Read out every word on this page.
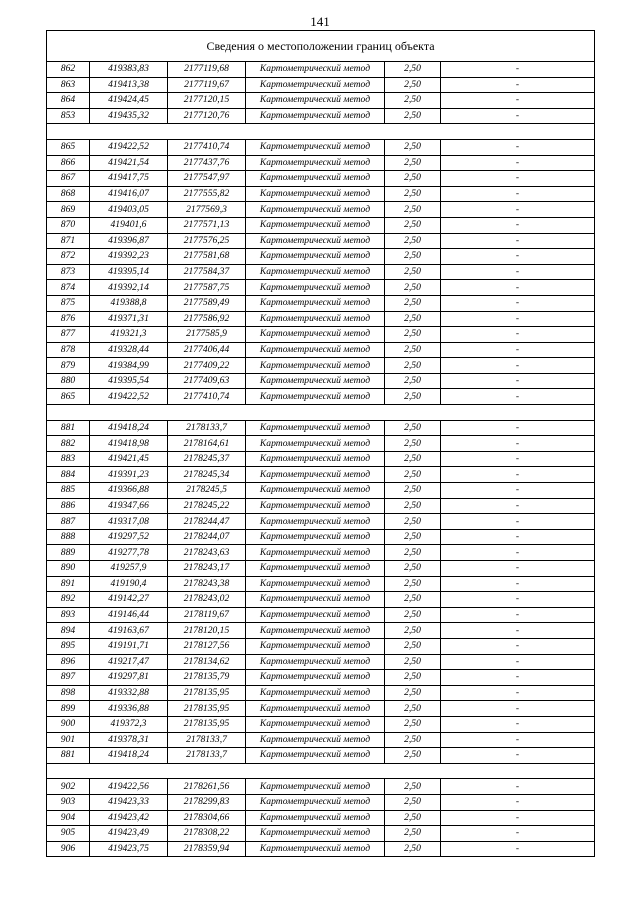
141
Сведения о местоположении границ объекта					
862	419383,83	2177119,68	Картометрический метод	2,50	-
863	419413,38	2177119,67	Картометрический метод	2,50	-
864	419424,45	2177120,15	Картометрический метод	2,50	-
853	419435,32	2177120,76	Картометрический метод	2,50	-

865	419422,52	2177410,74	Картометрический метод	2,50	-
866	419421,54	2177437,76	Картометрический метод	2,50	-
867	419417,75	2177547,97	Картометрический метод	2,50	-
868	419416,07	2177555,82	Картометрический метод	2,50	-
869	419403,05	2177569,3	Картометрический метод	2,50	-
870	419401,6	2177571,13	Картометрический метод	2,50	-
871	419396,87	2177576,25	Картометрический метод	2,50	-
872	419392,23	2177581,68	Картометрический метод	2,50	-
873	419395,14	2177584,37	Картометрический метод	2,50	-
874	419392,14	2177587,75	Картометрический метод	2,50	-
875	419388,8	2177589,49	Картометрический метод	2,50	-
876	419371,31	2177586,92	Картометрический метод	2,50	-
877	419321,3	2177585,9	Картометрический метод	2,50	-
878	419328,44	2177406,44	Картометрический метод	2,50	-
879	419384,99	2177409,22	Картометрический метод	2,50	-
880	419395,54	2177409,63	Картометрический метод	2,50	-
865	419422,52	2177410,74	Картометрический метод	2,50	-

881	419418,24	2178133,7	Картометрический метод	2,50	-
882	419418,98	2178164,61	Картометрический метод	2,50	-
883	419421,45	2178245,37	Картометрический метод	2,50	-
884	419391,23	2178245,34	Картометрический метод	2,50	-
885	419366,88	2178245,5	Картометрический метод	2,50	-
886	419347,66	2178245,22	Картометрический метод	2,50	-
887	419317,08	2178244,47	Картометрический метод	2,50	-
888	419297,52	2178244,07	Картометрический метод	2,50	-
889	419277,78	2178243,63	Картометрический метод	2,50	-
890	419257,9	2178243,17	Картометрический метод	2,50	-
891	419190,4	2178243,38	Картометрический метод	2,50	-
892	419142,27	2178243,02	Картометрический метод	2,50	-
893	419146,44	2178119,67	Картометрический метод	2,50	-
894	419163,67	2178120,15	Картометрический метод	2,50	-
895	419191,71	2178127,56	Картометрический метод	2,50	-
896	419217,47	2178134,62	Картометрический метод	2,50	-
897	419297,81	2178135,79	Картометрический метод	2,50	-
898	419332,88	2178135,95	Картометрический метод	2,50	-
899	419336,88	2178135,95	Картометрический метод	2,50	-
900	419372,3	2178135,95	Картометрический метод	2,50	-
901	419378,31	2178133,7	Картометрический метод	2,50	-
881	419418,24	2178133,7	Картометрический метод	2,50	-

902	419422,56	2178261,56	Картометрический метод	2,50	-
903	419423,33	2178299,83	Картометрический метод	2,50	-
904	419423,42	2178304,66	Картометрический метод	2,50	-
905	419423,49	2178308,22	Картометрический метод	2,50	-
906	419423,75	2178359,94	Картометрический метод	2,50	-
